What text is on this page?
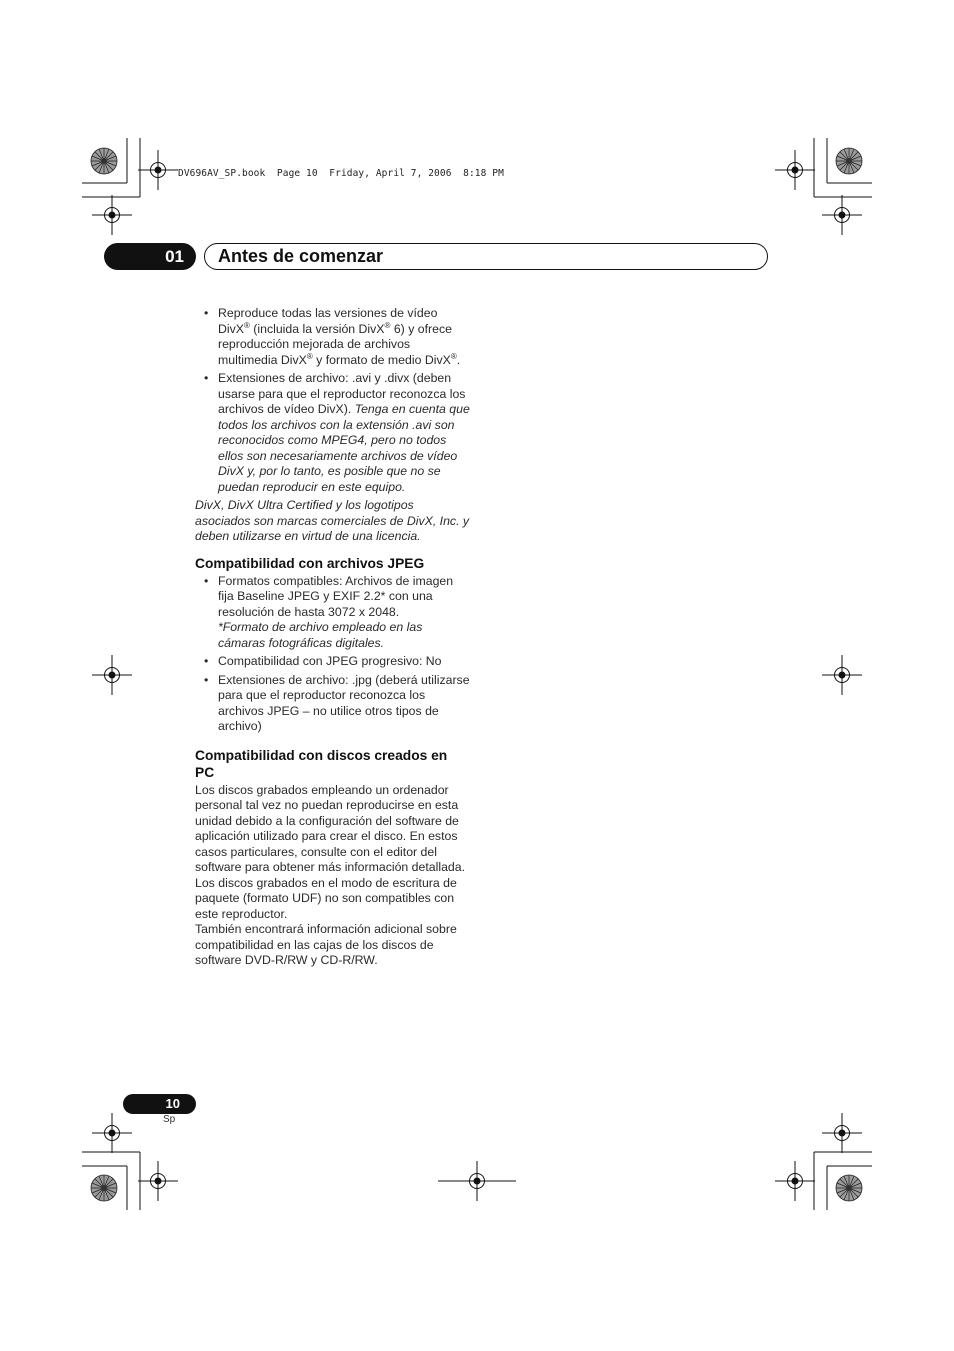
DV696AV_SP.book  Page 10  Friday, April 7, 2006  8:18 PM
01	Antes de comenzar
• Reproduce todas las versiones de vídeo DivX® (incluida la versión DivX® 6) y ofrece reproducción mejorada de archivos multimedia DivX® y formato de medio DivX®.
• Extensiones de archivo: .avi y .divx (deben usarse para que el reproductor reconozca los archivos de vídeo DivX). Tenga en cuenta que todos los archivos con la extensión .avi son reconocidos como MPEG4, pero no todos ellos son necesariamente archivos de vídeo DivX y, por lo tanto, es posible que no se puedan reproducir en este equipo.

DivX, DivX Ultra Certified y los logotipos asociados son marcas comerciales de DivX, Inc. y deben utilizarse en virtud de una licencia.

Compatibilidad con archivos JPEG
• Formatos compatibles: Archivos de imagen fija Baseline JPEG y EXIF 2.2* con una resolución de hasta 3072 x 2048.
*Formato de archivo empleado en las cámaras fotográficas digitales.
• Compatibilidad con JPEG progresivo: No
• Extensiones de archivo: .jpg (deberá utilizarse para que el reproductor reconozca los archivos JPEG – no utilice otros tipos de archivo)
Compatibilidad con discos creados en PC

Los discos grabados empleando un ordenador personal tal vez no puedan reproducirse en esta unidad debido a la configuración del software de aplicación utilizado para crear el disco. En estos casos particulares, consulte con el editor del software para obtener más información detallada.

Los discos grabados en el modo de escritura de paquete (formato UDF) no son compatibles con este reproductor.

También encontrará información adicional sobre compatibilidad en las cajas de los discos de software DVD-R/RW y CD-R/RW.

10
Sp
